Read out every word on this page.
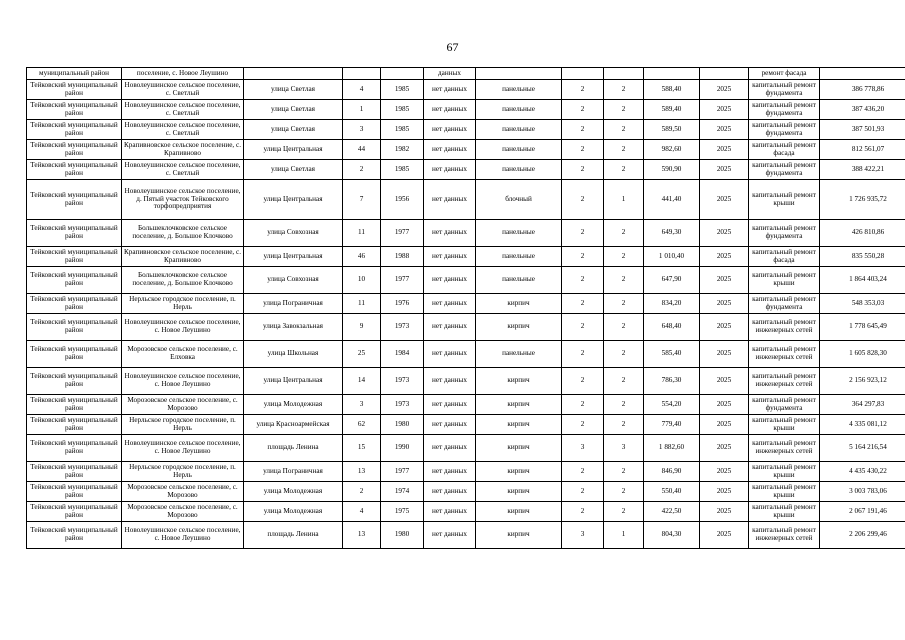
67
муниципальный район	поселение, с. Новое Леушино				данных						ремонт фасада	
Тейковский муниципальный район	Новолеушинское сельское поселение, с. Светлый	улица Светлая	4	1985	нет данных	панельные	2	2	588,40	2025	капитальный ремонт фундамента	386 778,86
Тейковский муниципальный район	Новолеушинское сельское поселение, с. Светлый	улица Светлая	1	1985	нет данных	панельные	2	2	589,40	2025	капитальный ремонт фундамента	387 436,20
Тейковский муниципальный район	Новолеушинское сельское поселение, с. Светлый	улица Светлая	3	1985	нет данных	панельные	2	2	589,50	2025	капитальный ремонт фундамента	387 501,93
Тейковский муниципальный район	Крапивновское сельское поселение, с. Крапивново	улица Центральная	44	1982	нет данных	панельные	2	2	982,60	2025	капитальный ремонт фасада	812 561,07
Тейковский муниципальный район	Новолеушинское сельское поселение, с. Светлый	улица Светлая	2	1985	нет данных	панельные	2	2	590,90	2025	капитальный ремонт фундамента	388 422,21
Тейковский муниципальный район	Новолеушинское сельское поселение, д. Пятый участок Тейковского торфопредприятия	улица Центральная	7	1956	нет данных	блочный	2	1	441,40	2025	капитальный ремонт крыши	1 726 935,72
Тейковский муниципальный район	Большеклочковское сельское поселение, д. Большое Клочково	улица Совхозная	11	1977	нет данных	панельные	2	2	649,30	2025	капитальный ремонт фундамента	426 810,86
Тейковский муниципальный район	Крапивновское сельское поселение, с. Крапивново	улица Центральная	46	1988	нет данных	панельные	2	2	1 010,40	2025	капитальный ремонт фасада	835 550,28
Тейковский муниципальный район	Большеклочковское сельское поселение, д. Большое Клочково	улица Совхозная	10	1977	нет данных	панельные	2	2	647,90	2025	капитальный ремонт крыши	1 864 403,24
Тейковский муниципальный район	Нерльское городское поселение, п. Нерль	улица Пограничная	11	1976	нет данных	кирпич	2	2	834,20	2025	капитальный ремонт фундамента	548 353,03
Тейковский муниципальный район	Новолеушинское сельское поселение, с. Новое Леушино	улица Завокзальная	9	1973	нет данных	кирпич	2	2	648,40	2025	капитальный ремонт инженерных сетей	1 778 645,49
Тейковский муниципальный район	Морозовское сельское поселение, с. Елховка	улица Школьная	25	1984	нет данных	панельные	2	2	585,40	2025	капитальный ремонт инженерных сетей	1 605 828,30
Тейковский муниципальный район	Новолеушинское сельское поселение, с. Новое Леушино	улица Центральная	14	1973	нет данных	кирпич	2	2	786,30	2025	капитальный ремонт инженерных сетей	2 156 923,12
Тейковский муниципальный район	Морозовское сельское поселение, с. Морозово	улица Молодежная	3	1973	нет данных	кирпич	2	2	554,20	2025	капитальный ремонт фундамента	364 297,83
Тейковский муниципальный район	Нерльское городское поселение, п. Нерль	улица Красноармейская	62	1980	нет данных	кирпич	2	2	779,40	2025	капитальный ремонт крыши	4 335 081,12
Тейковский муниципальный район	Новолеушинское сельское поселение, с. Новое Леушино	площадь Ленина	15	1990	нет данных	кирпич	3	3	1 882,60	2025	капитальный ремонт инженерных сетей	5 164 216,54
Тейковский муниципальный район	Нерльское городское поселение, п. Нерль	улица Пограничная	13	1977	нет данных	кирпич	2	2	846,90	2025	капитальный ремонт крыши	4 435 430,22
Тейковский муниципальный район	Морозовское сельское поселение, с. Морозово	улица Молодежная	2	1974	нет данных	кирпич	2	2	550,40	2025	капитальный ремонт крыши	3 003 783,06
Тейковский муниципальный район	Морозовское сельское поселение, с. Морозово	улица Молодежная	4	1975	нет данных	кирпич	2	2	422,50	2025	капитальный ремонт крыши	2 067 191,46
Тейковский муниципальный район	Новолеушинское сельское поселение, с. Новое Леушино	площадь Ленина	13	1980	нет данных	кирпич	3	1	804,30	2025	капитальный ремонт инженерных сетей	2 206 299,46
